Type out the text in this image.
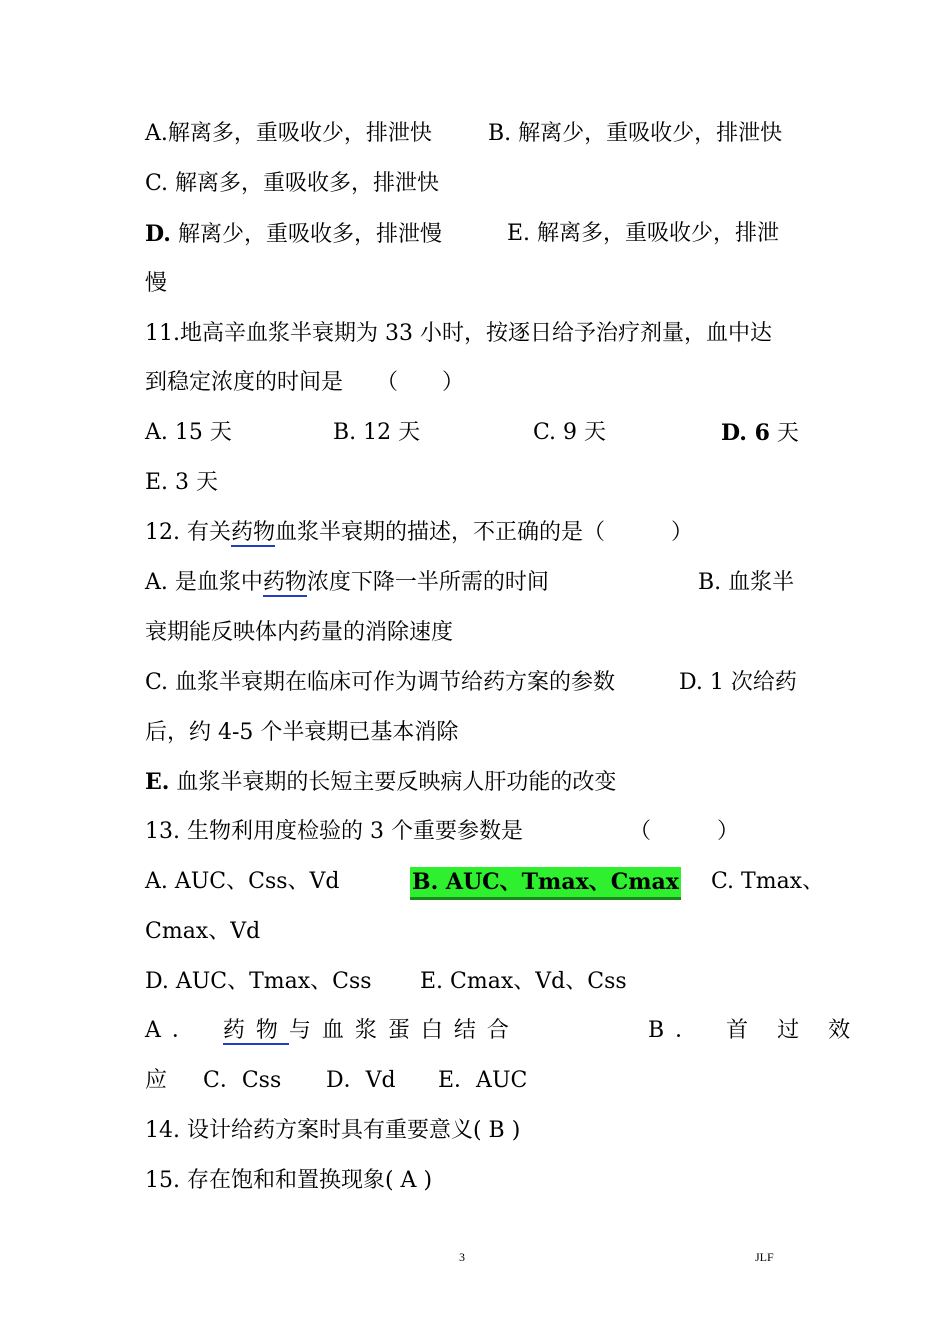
A.解离多，重吸收少，排泄快	B. 解离少，重吸收少，排泄快
C. 解离多，重吸收多，排泄快
D. 解离少，重吸收多，排泄慢	E. 解离多，重吸收少，排泄
慢
11.地高辛血浆半衰期为 33 小时，按逐日给予治疗剂量，血中达
到稳定浓度的时间是　　（　　）
A. 15 天	B. 12 天	C. 9 天	D. 6 天
E. 3 天
12. 有关药物血浆半衰期的描述，不正确的是（　　　）
A. 是血浆中药物浓度下降一半所需的时间	B. 血浆半
衰期能反映体内药量的消除速度
C. 血浆半衰期在临床可作为调节给药方案的参数	D. 1 次给药
后，约 4-5 个半衰期已基本消除
E. 血浆半衰期的长短主要反映病人肝功能的改变
13. 生物利用度检验的 3 个重要参数是	（　　　）
A. AUC、Css、Vd	B. AUC、Tmax、Cmax C. Tmax、
Cmax、Vd
D. AUC、Tmax、Css E. Cmax、Vd、Css
A． 药物与血浆蛋白结合	B． 首 过 效
应 C．Css D．Vd E．AUC
14. 设计给药方案时具有重要意义( B )
15. 存在饱和和置换现象( A )
3	JLF
